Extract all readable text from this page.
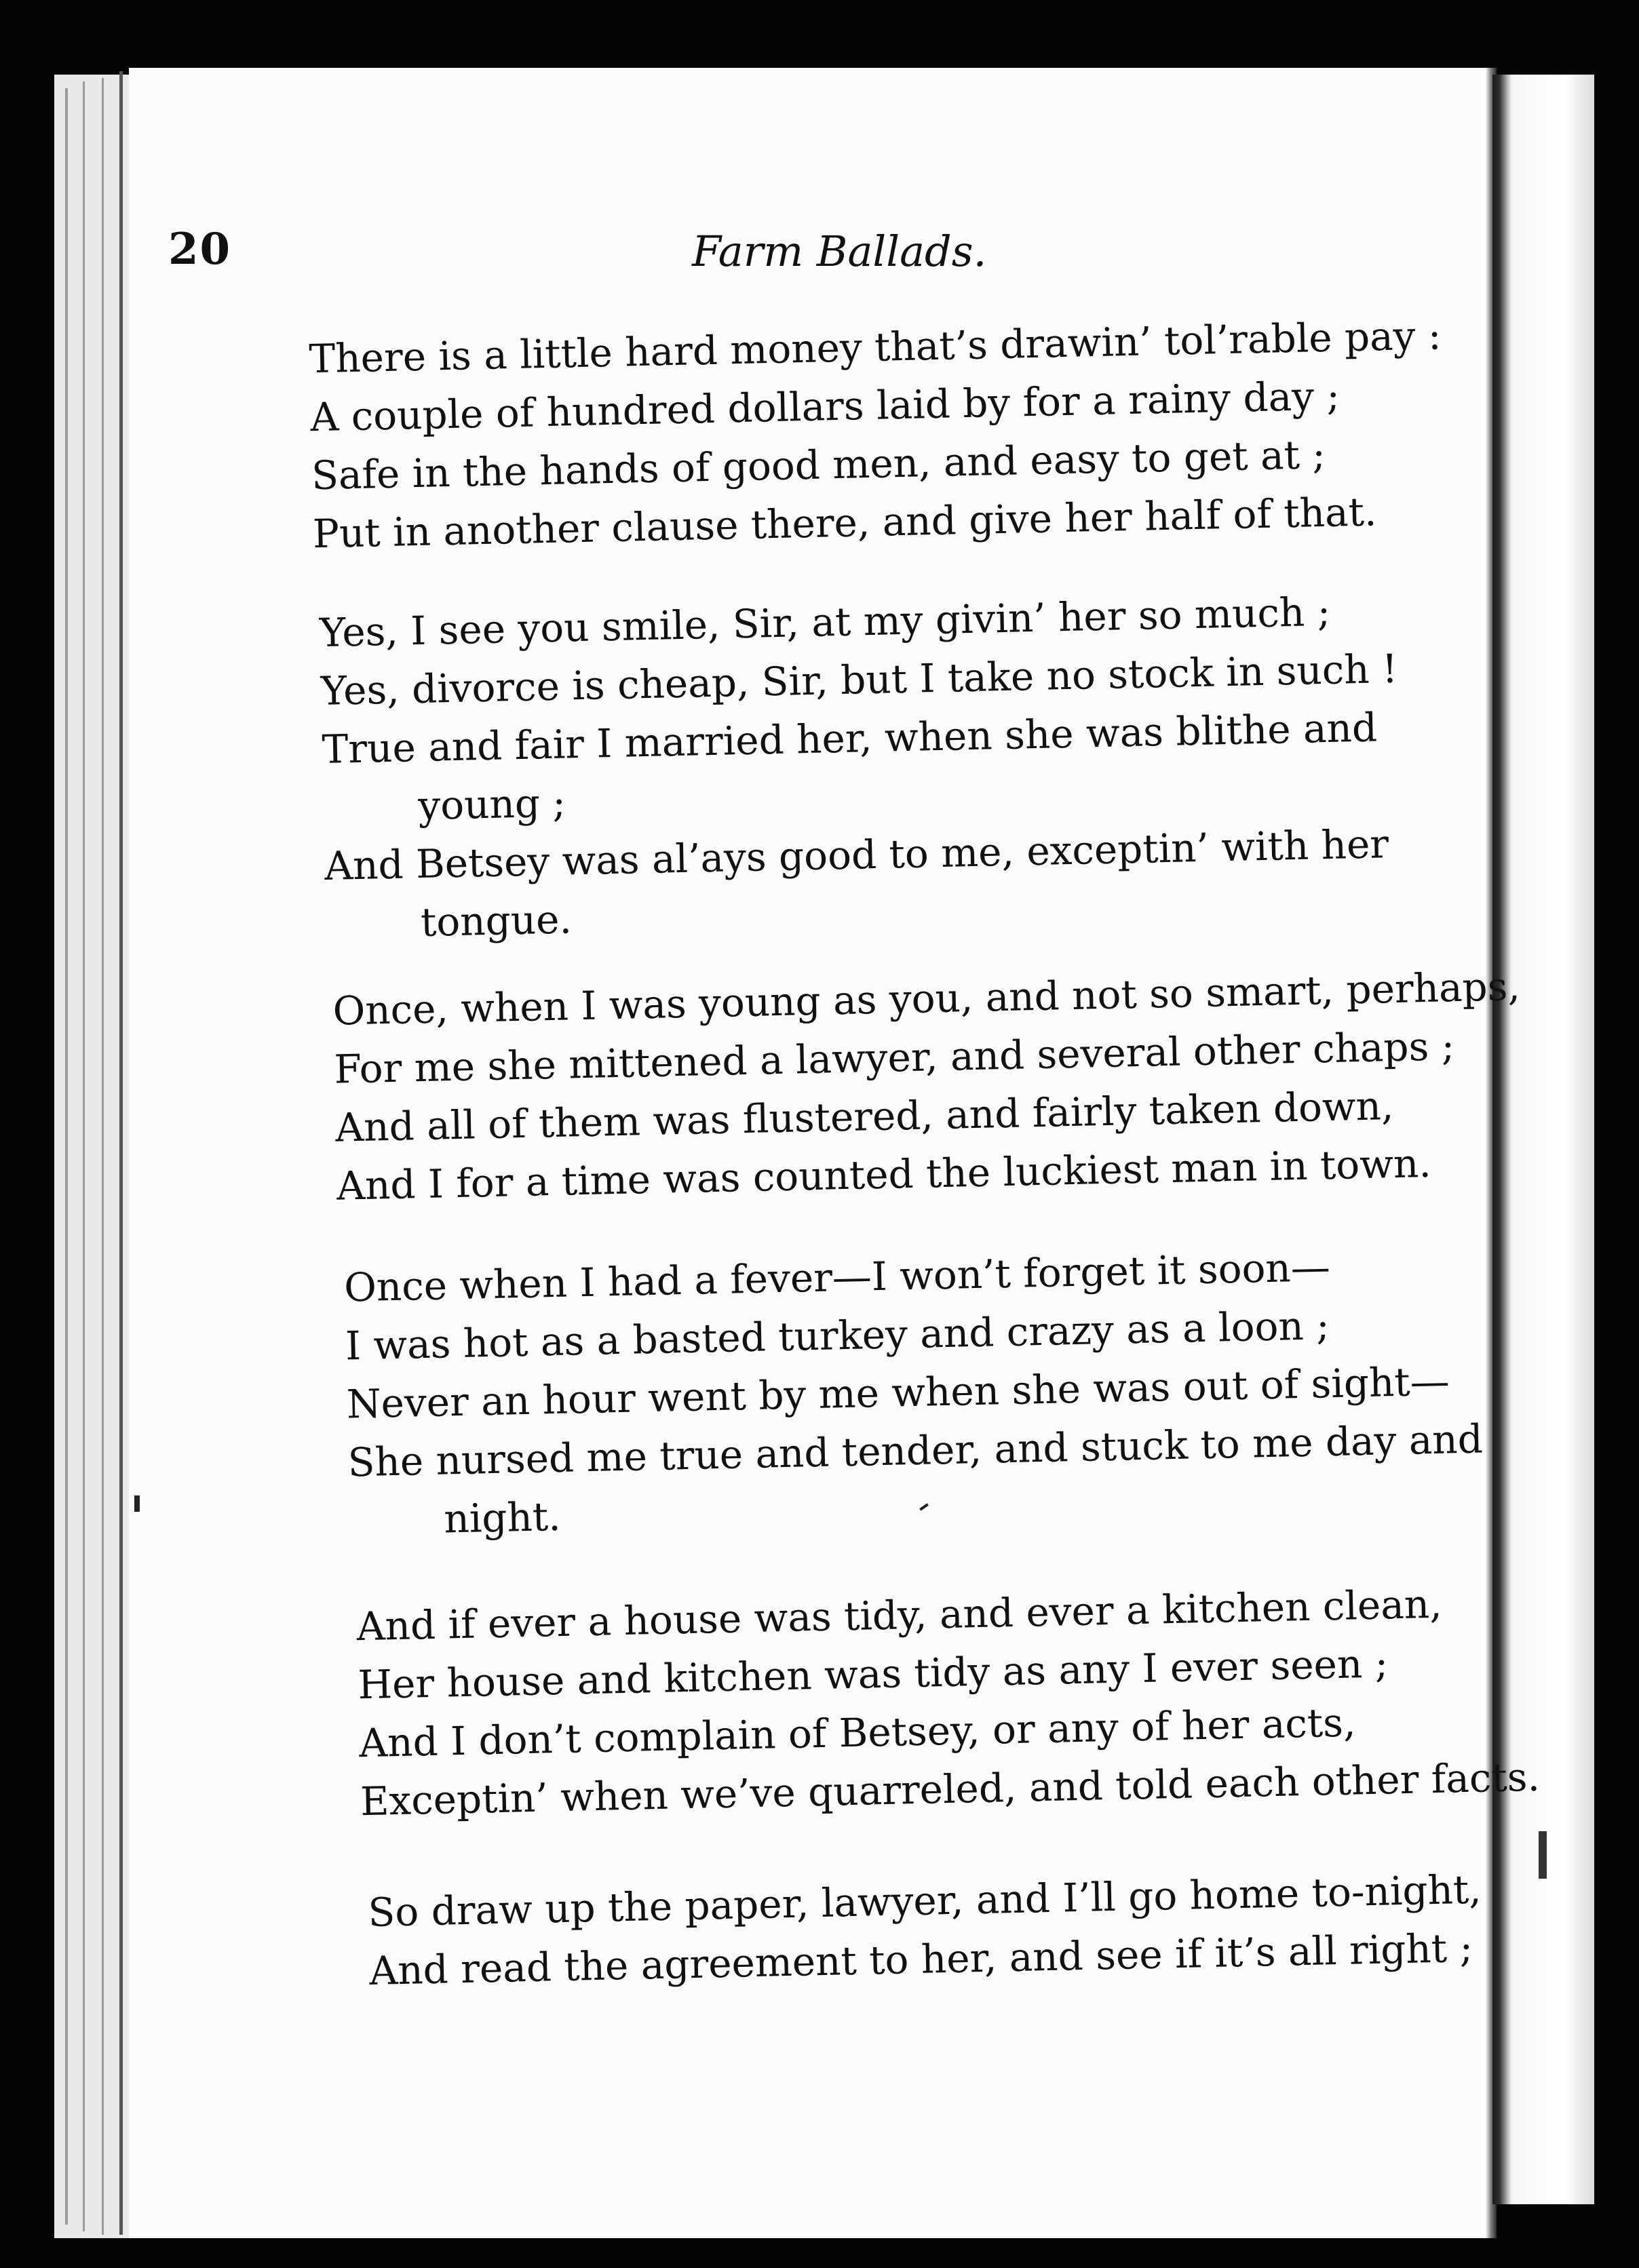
20	Farm Ballads.
There is a little hard money that’s drawin’ tol’rable pay :
A couple of hundred dollars laid by for a rainy day ;
Safe in the hands of good men, and easy to get at ;
Put in another clause there, and give her half of that.
Yes, I see you smile, Sir, at my givin’ her so much ;
Yes, divorce is cheap, Sir, but I take no stock in such !
True and fair I married her, when she was blithe and
young ;
And Betsey was al’ays good to me, exceptin’ with her
tongue.
Once, when I was young as you, and not so smart, perhaps,
For me she mittened a lawyer, and several other chaps ;
And all of them was flustered, and fairly taken down,
And I for a time was counted the luckiest man in town.
Once when I had a fever—I won’t forget it soon—
I was hot as a basted turkey and crazy as a loon ;
Never an hour went by me when she was out of sight—
She nursed me true and tender, and stuck to me day and
night.
And if ever a house was tidy, and ever a kitchen clean,
Her house and kitchen was tidy as any I ever seen ;
And I don’t complain of Betsey, or any of her acts,
Exceptin’ when we’ve quarreled, and told each other facts.
So draw up the paper, lawyer, and I’ll go home to-night,
And read the agreement to her, and see if it’s all right ;
